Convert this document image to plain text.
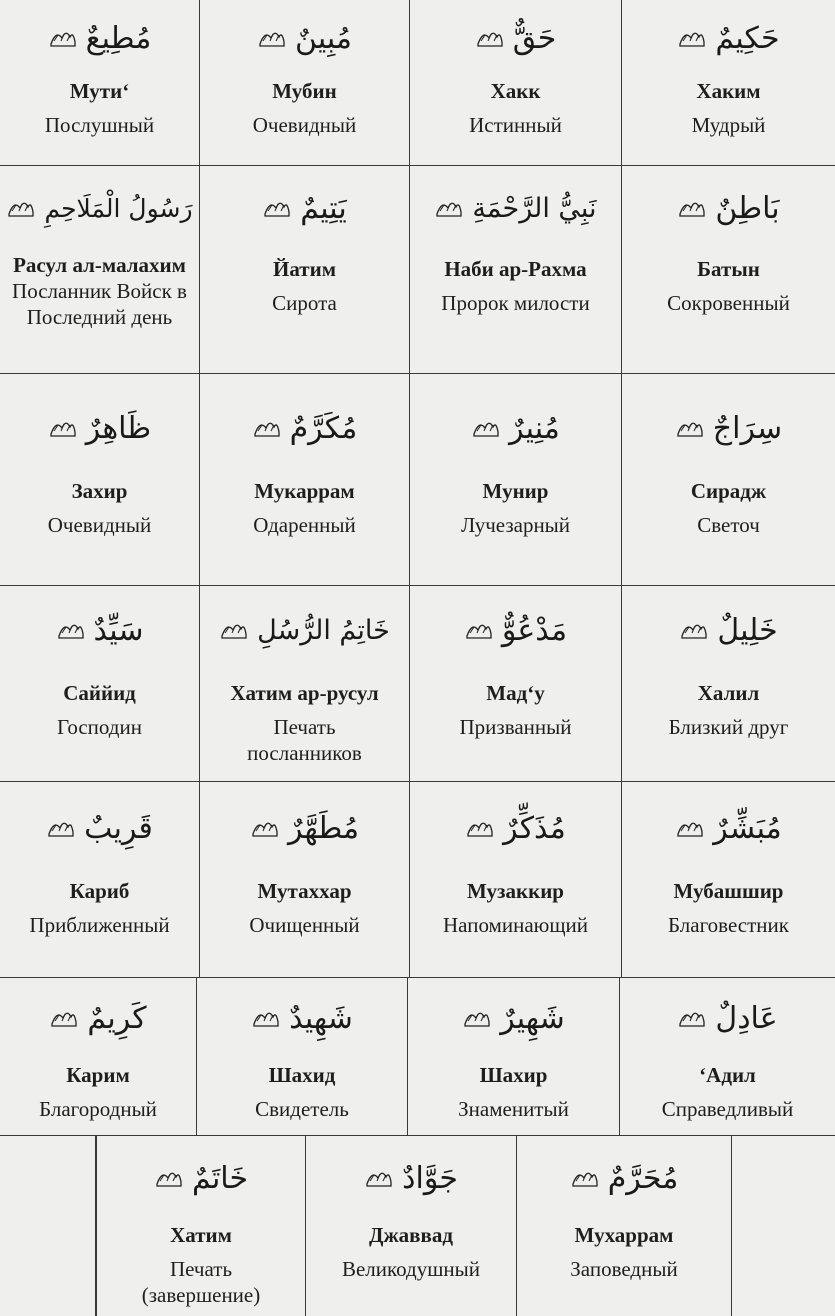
مُطِيعٌ
Мути‘
Послушный
مُبِينٌ
Мубин
Очевидный
حَقٌّ
Хакк
Истинный
حَكِيمٌ
Хаким
Мудрый
رَسُولُ الْمَلَاحِمِ
Расул ал-малахим
Посланник Войск в Последний день
يَتِيمٌ
Йатим
Сирота
نَبِيُّ الرَّحْمَةِ
Наби ар-Рахма
Пророк милости
بَاطِنٌ
Батын
Сокровенный
ظَاهِرٌ
Захир
Очевидный
مُكَرَّمٌ
Мукаррам
Одаренный
مُنِيرٌ
Мунир
Лучезарный
سِرَاجٌ
Сирадж
Светоч
سَيِّدٌ
Саййид
Господин
خَاتِمُ الرُّسُلِ
Хатим ар-русул
Печать посланников
مَدْعُوٌّ
Мад‘у
Призванный
خَلِيلٌ
Халил
Близкий друг
قَرِيبٌ
Кариб
Приближенный
مُطَهَّرٌ
Мутаххар
Очищенный
مُذَكِّرٌ
Музаккир
Напоминающий
مُبَشِّرٌ
Мубашшир
Благовестник
كَرِيمٌ
Карим
Благородный
شَهِيدٌ
Шахид
Свидетель
شَهِيرٌ
Шахир
Знаменитый
عَادِلٌ
‘Адил
Справедливый
خَاتَمٌ
Хатим
Печать (завершение)
جَوَّادٌ
Джаввад
Великодушный
مُحَرَّمٌ
Мухаррам
Заповедный
